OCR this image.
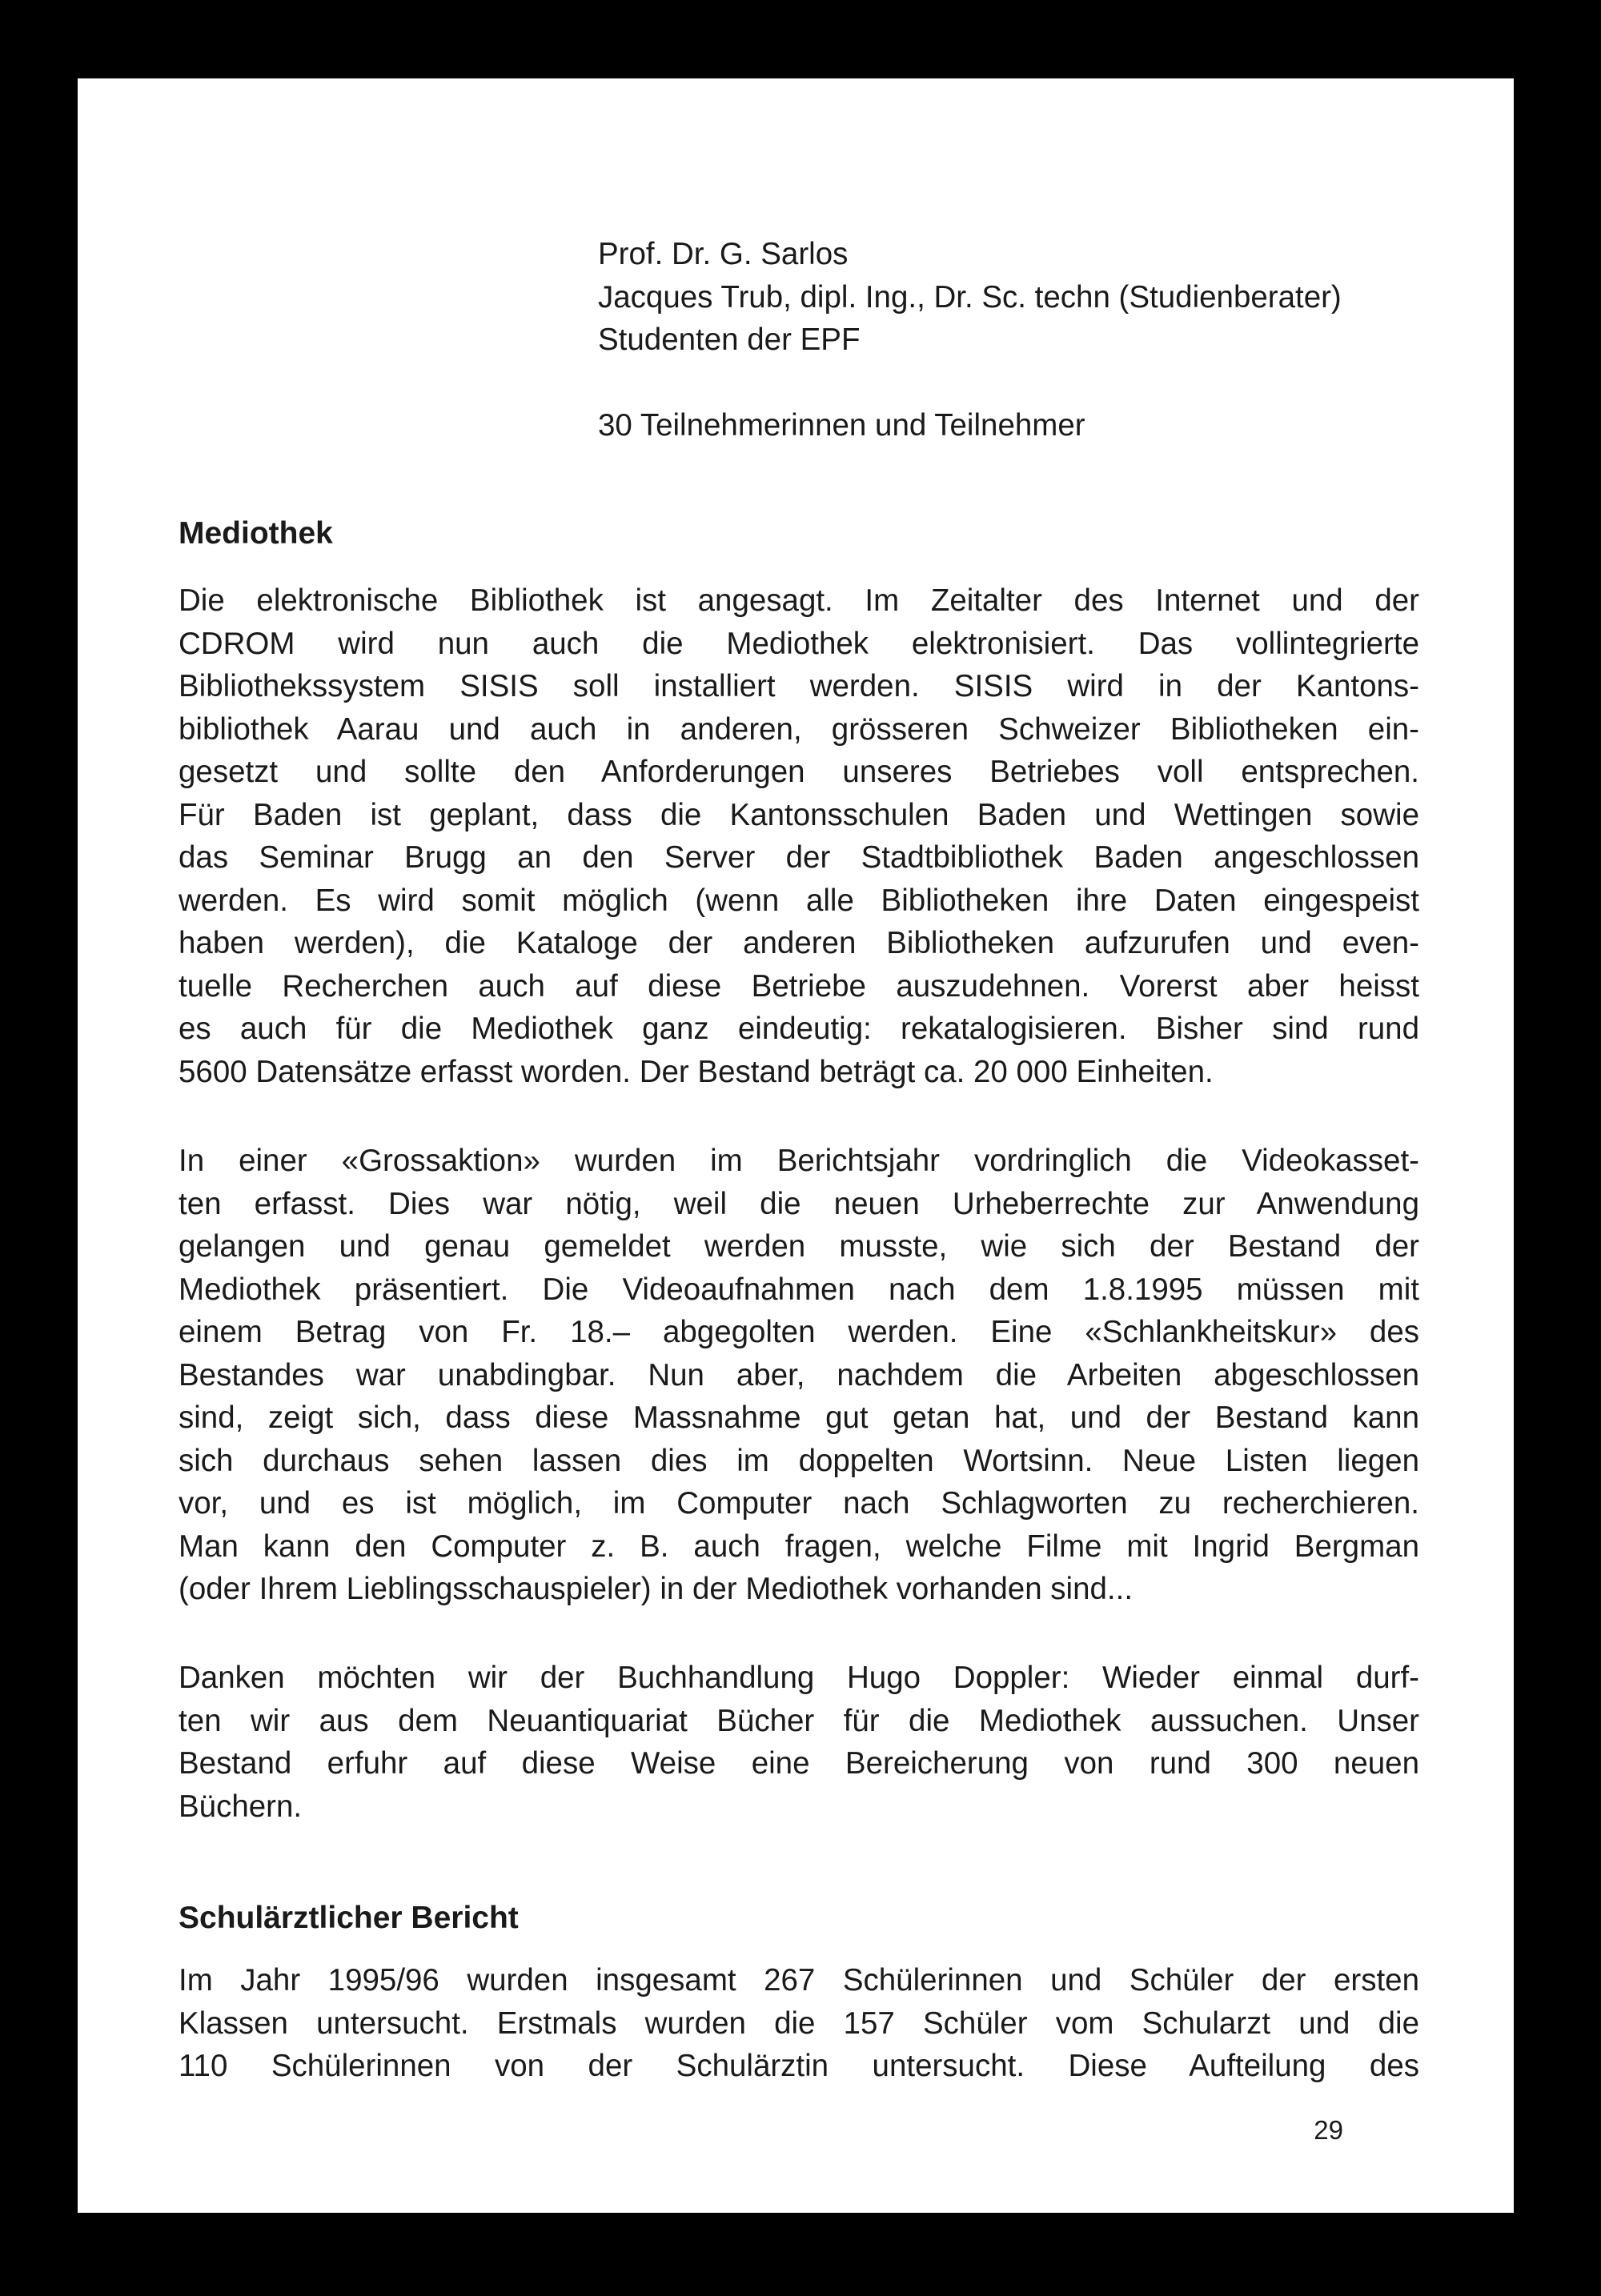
Prof. Dr. G. Sarlos
Jacques Trub, dipl. Ing., Dr. Sc. techn (Studienberater)
Studenten der EPF
30 Teilnehmerinnen und Teilnehmer
Mediothek
Die elektronische Bibliothek ist angesagt. Im Zeitalter des Internet und der
CDROM wird nun auch die Mediothek elektronisiert. Das vollintegrierte
Bibliothekssystem SISIS soll installiert werden. SISIS wird in der Kantons-
bibliothek Aarau und auch in anderen, grösseren Schweizer Bibliotheken ein-
gesetzt und sollte den Anforderungen unseres Betriebes voll entsprechen.
Für Baden ist geplant, dass die Kantonsschulen Baden und Wettingen sowie
das Seminar Brugg an den Server der Stadtbibliothek Baden angeschlossen
werden. Es wird somit möglich (wenn alle Bibliotheken ihre Daten eingespeist
haben werden), die Kataloge der anderen Bibliotheken aufzurufen und even-
tuelle Recherchen auch auf diese Betriebe auszudehnen. Vorerst aber heisst
es auch für die Mediothek ganz eindeutig: rekatalogisieren. Bisher sind rund
5600 Datensätze erfasst worden. Der Bestand beträgt ca. 20 000 Einheiten.
In einer «Grossaktion» wurden im Berichtsjahr vordringlich die Videokasset-
ten erfasst. Dies war nötig, weil die neuen Urheberrechte zur Anwendung
gelangen und genau gemeldet werden musste, wie sich der Bestand der
Mediothek präsentiert. Die Videoaufnahmen nach dem 1.8.1995 müssen mit
einem Betrag von Fr. 18.– abgegolten werden. Eine «Schlankheitskur» des
Bestandes war unabdingbar. Nun aber, nachdem die Arbeiten abgeschlossen
sind, zeigt sich, dass diese Massnahme gut getan hat, und der Bestand kann
sich durchaus sehen lassen dies im doppelten Wortsinn. Neue Listen liegen
vor, und es ist möglich, im Computer nach Schlagworten zu recherchieren.
Man kann den Computer z. B. auch fragen, welche Filme mit Ingrid Bergman
(oder Ihrem Lieblingsschauspieler) in der Mediothek vorhanden sind...
Danken möchten wir der Buchhandlung Hugo Doppler: Wieder einmal durf-
ten wir aus dem Neuantiquariat Bücher für die Mediothek aussuchen. Unser
Bestand erfuhr auf diese Weise eine Bereicherung von rund 300 neuen
Büchern.
Schulärztlicher Bericht
Im Jahr 1995/96 wurden insgesamt 267 Schülerinnen und Schüler der ersten
Klassen untersucht. Erstmals wurden die 157 Schüler vom Schularzt und die
110 Schülerinnen von der Schulärztin untersucht. Diese Aufteilung des
29
